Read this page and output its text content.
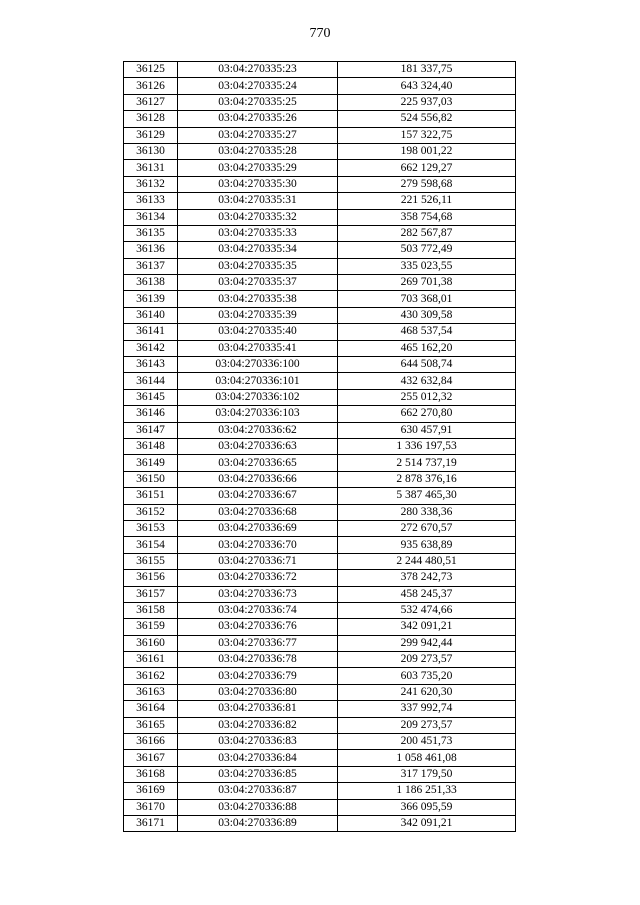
770
36125	03:04:270335:23	181 337,75
36126	03:04:270335:24	643 324,40
36127	03:04:270335:25	225 937,03
36128	03:04:270335:26	524 556,82
36129	03:04:270335:27	157 322,75
36130	03:04:270335:28	198 001,22
36131	03:04:270335:29	662 129,27
36132	03:04:270335:30	279 598,68
36133	03:04:270335:31	221 526,11
36134	03:04:270335:32	358 754,68
36135	03:04:270335:33	282 567,87
36136	03:04:270335:34	503 772,49
36137	03:04:270335:35	335 023,55
36138	03:04:270335:37	269 701,38
36139	03:04:270335:38	703 368,01
36140	03:04:270335:39	430 309,58
36141	03:04:270335:40	468 537,54
36142	03:04:270335:41	465 162,20
36143	03:04:270336:100	644 508,74
36144	03:04:270336:101	432 632,84
36145	03:04:270336:102	255 012,32
36146	03:04:270336:103	662 270,80
36147	03:04:270336:62	630 457,91
36148	03:04:270336:63	1 336 197,53
36149	03:04:270336:65	2 514 737,19
36150	03:04:270336:66	2 878 376,16
36151	03:04:270336:67	5 387 465,30
36152	03:04:270336:68	280 338,36
36153	03:04:270336:69	272 670,57
36154	03:04:270336:70	935 638,89
36155	03:04:270336:71	2 244 480,51
36156	03:04:270336:72	378 242,73
36157	03:04:270336:73	458 245,37
36158	03:04:270336:74	532 474,66
36159	03:04:270336:76	342 091,21
36160	03:04:270336:77	299 942,44
36161	03:04:270336:78	209 273,57
36162	03:04:270336:79	603 735,20
36163	03:04:270336:80	241 620,30
36164	03:04:270336:81	337 992,74
36165	03:04:270336:82	209 273,57
36166	03:04:270336:83	200 451,73
36167	03:04:270336:84	1 058 461,08
36168	03:04:270336:85	317 179,50
36169	03:04:270336:87	1 186 251,33
36170	03:04:270336:88	366 095,59
36171	03:04:270336:89	342 091,21
